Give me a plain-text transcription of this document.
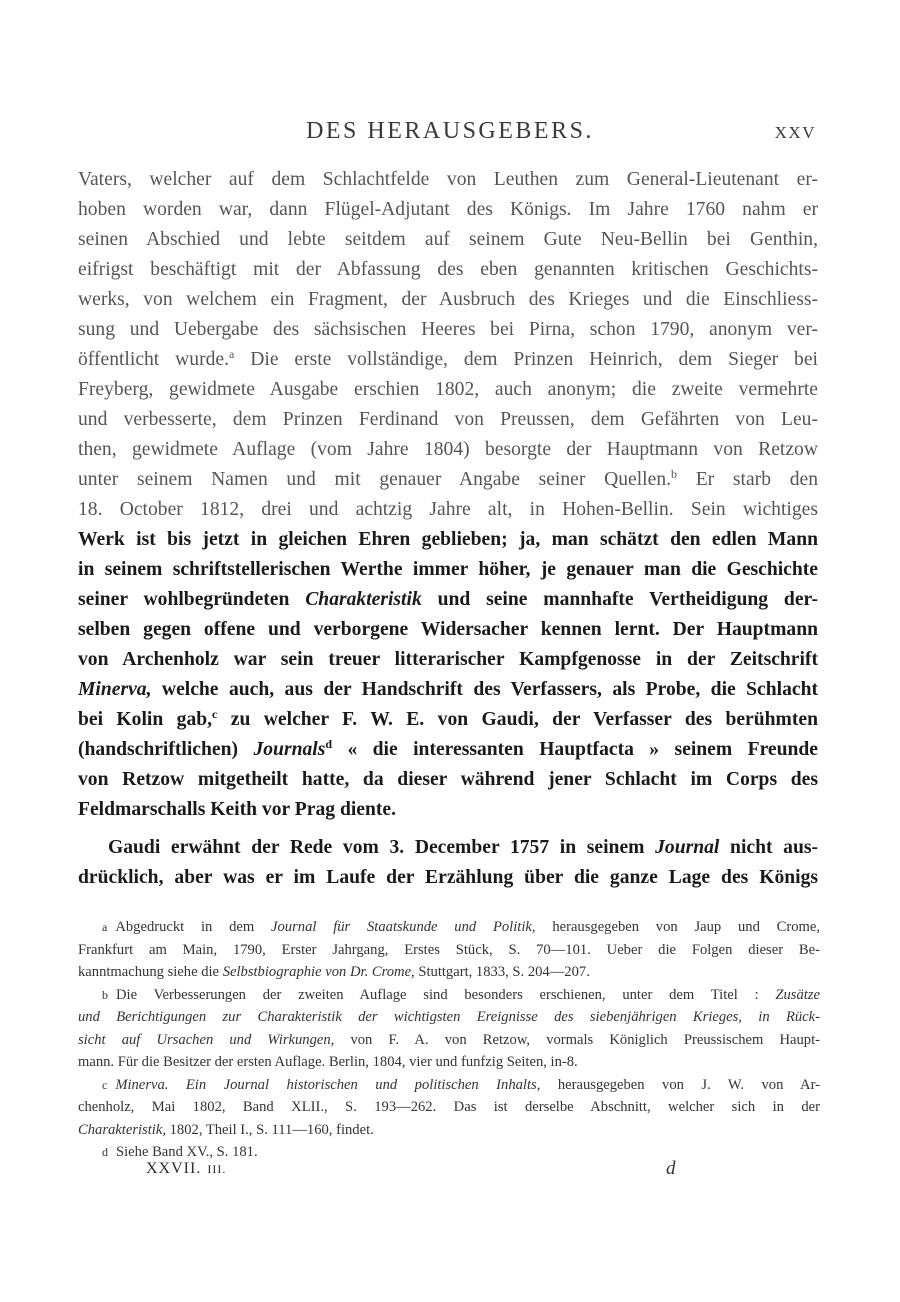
DES HERAUSGEBERS.	XXV

Vaters, welcher auf dem Schlachtfelde von Leuthen zum General-Lieutenant er-
hoben worden war, dann Flügel-Adjutant des Königs. Im Jahre 1760 nahm er
seinen Abschied und lebte seitdem auf seinem Gute Neu-Bellin bei Genthin,
eifrigst beschäftigt mit der Abfassung des eben genannten kritischen Geschichts-
werks, von welchem ein Fragment, der Ausbruch des Krieges und die Einschliess-
sung und Uebergabe des sächsischen Heeres bei Pirna, schon 1790, anonym ver-
öffentlicht wurde.$^a$ Die erste vollständige, dem Prinzen Heinrich, dem Sieger bei
Freyberg, gewidmete Ausgabe erschien 1802, auch anonym; die zweite vermehrte
und verbesserte, dem Prinzen Ferdinand von Preussen, dem Gefährten von Leu-
then, gewidmete Auflage (vom Jahre 1804) besorgte der Hauptmann von Retzow
unter seinem Namen und mit genauer Angabe seiner Quellen.$^b$ Er starb den
18. October 1812, drei und achtzig Jahre alt, in Hohen-Bellin. Sein wichtiges

Werk ist bis jetzt in gleichen Ehren geblieben; ja, man schätzt den edlen Mann
in seinem schriftstellerischen Werthe immer höher, je genauer man die Geschichte
seiner wohlbegründeten Charakteristik und seine mannhafte Vertheidigung der-
selben gegen offene und verborgene Widersacher kennen lernt. Der Hauptmann
von Archenholz war sein treuer litterarischer Kampfgenosse in der Zeitschrift
Minerva, welche auch, aus der Handschrift des Verfassers, als Probe, die Schlacht
bei Kolin gab,$^c$ zu welcher F. W. E. von Gaudi, der Verfasser des berühmten
(handschriftlichen) Journals$^d$ « die interessanten Hauptfacta » seinem Freunde
von Retzow mitgetheilt hatte, da dieser während jener Schlacht im Corps des
Feldmarschalls Keith vor Prag diente.

Gaudi erwähnt der Rede vom 3. December 1757 in seinem Journal nicht aus-
drücklich, aber was er im Laufe der Erzählung über die ganze Lage des Königs

a Abgedruckt in dem Journal für Staatskunde und Politik, herausgegeben von Jaup und Crome,
Frankfurt am Main, 1790, Erster Jahrgang, Erstes Stück, S. 70—101. Ueber die Folgen dieser Be-
kanntmachung siehe die Selbstbiographie von Dr. Crome, Stuttgart, 1833, S. 204—207.
b Die Verbesserungen der zweiten Auflage sind besonders erschienen, unter dem Titel : Zusätze
und Berichtigungen zur Charakteristik der wichtigsten Ereignisse des siebenjährigen Krieges, in Rück-
sicht auf Ursachen und Wirkungen, von F. A. von Retzow, vormals Königlich Preussischem Haupt-
mann. Für die Besitzer der ersten Auflage. Berlin, 1804, vier und funfzig Seiten, in-8.
c Minerva. Ein Journal historischen und politischen Inhalts, herausgegeben von J. W. von Ar-
chenholz, Mai 1802, Band XLII., S. 193—262. Das ist derselbe Abschnitt, welcher sich in der
Charakteristik, 1802, Theil I., S. 111—160, findet.
d Siehe Band XV., S. 181.
XXVII. III.	d
